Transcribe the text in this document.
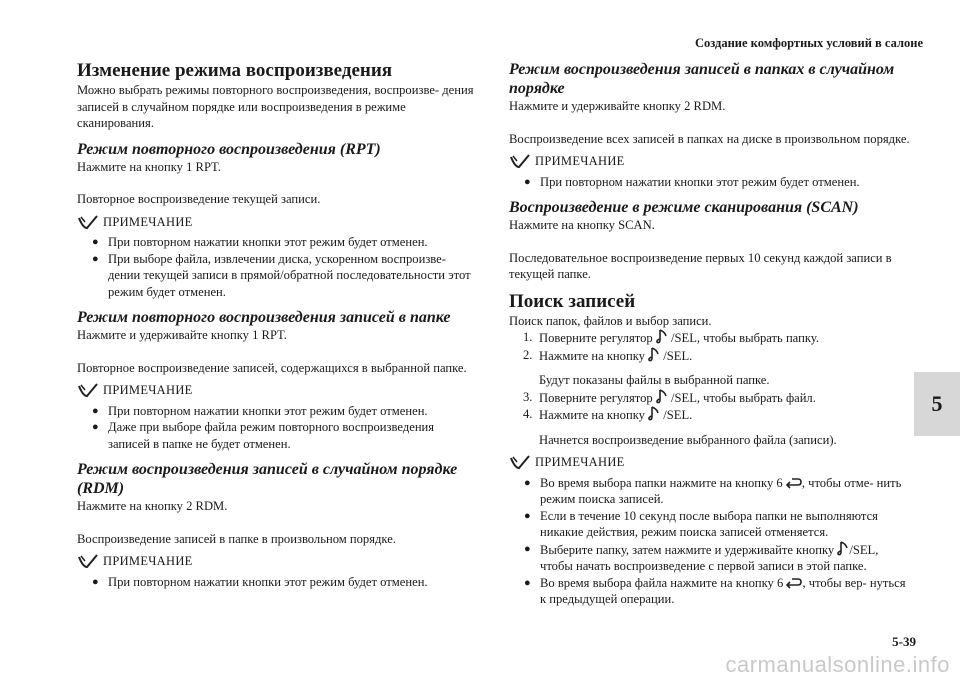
Создание комфортных условий в салоне
Изменение режима воспроизведения

Можно выбрать режимы повторного воспроизведения, воспроизве- дения записей в случайном порядке или воспроизведения в режиме сканирования.

Режим повторного воспроизведения (RPT)

Нажмите на кнопку 1 RPT.

Повторное воспроизведение текущей записи.

ПРИМЕЧАНИЕ
● При повторном нажатии кнопки этот режим будет отменен.
● При выборе файла, извлечении диска, ускоренном воспроизве- дении текущей записи в прямой/обратной последовательности этот режим будет отменен.
Режим повторного воспроизведения записей в папке

Нажмите и удерживайте кнопку 1 RPT.

Повторное воспроизведение записей, содержащихся в выбранной папке.

ПРИМЕЧАНИЕ
● При повторном нажатии кнопки этот режим будет отменен.
● Даже при выборе файла режим повторного воспроизведения записей в папке не будет отменен.
Режим воспроизведения записей в случайном порядке (RDM)

Нажмите на кнопку 2 RDM.

Воспроизведение записей в папке в произвольном порядке.

ПРИМЕЧАНИЕ
● При повторном нажатии кнопки этот режим будет отменен.
Режим воспроизведения записей в папках в случайном порядке

Нажмите и удерживайте кнопку 2 RDM.

Воспроизведение всех записей в папках на диске в произвольном порядке.

ПРИМЕЧАНИЕ
● При повторном нажатии кнопки этот режим будет отменен.
Воспроизведение в режиме сканирования (SCAN)

Нажмите на кнопку SCAN.

Последовательное воспроизведение первых 10 секунд каждой записи в текущей папке.

Поиск записей

Поиск папок, файлов и выбор записи.

1. Поверните регулятор /SEL, чтобы выбрать папку.
2. Нажмите на кнопку /SEL.

Будут показаны файлы в выбранной папке.

3. Поверните регулятор /SEL, чтобы выбрать файл.
4. Нажмите на кнопку /SEL.

Начнется воспроизведение выбранного файла (записи).

ПРИМЕЧАНИЕ
● Во время выбора папки нажмите на кнопку 6 , чтобы отме- нить режим поиска записей.
● Если в течение 10 секунд после выбора папки не выполняются никакие действия, режим поиска записей отменяется.
● Выберите папку, затем нажмите и удерживайте кнопку /SEL, чтобы начать воспроизведение с первой записи в этой папке.
● Во время выбора файла нажмите на кнопку 6 , чтобы вер- нуться к предыдущей операции.
5
5-39
carmanualsonline.info
